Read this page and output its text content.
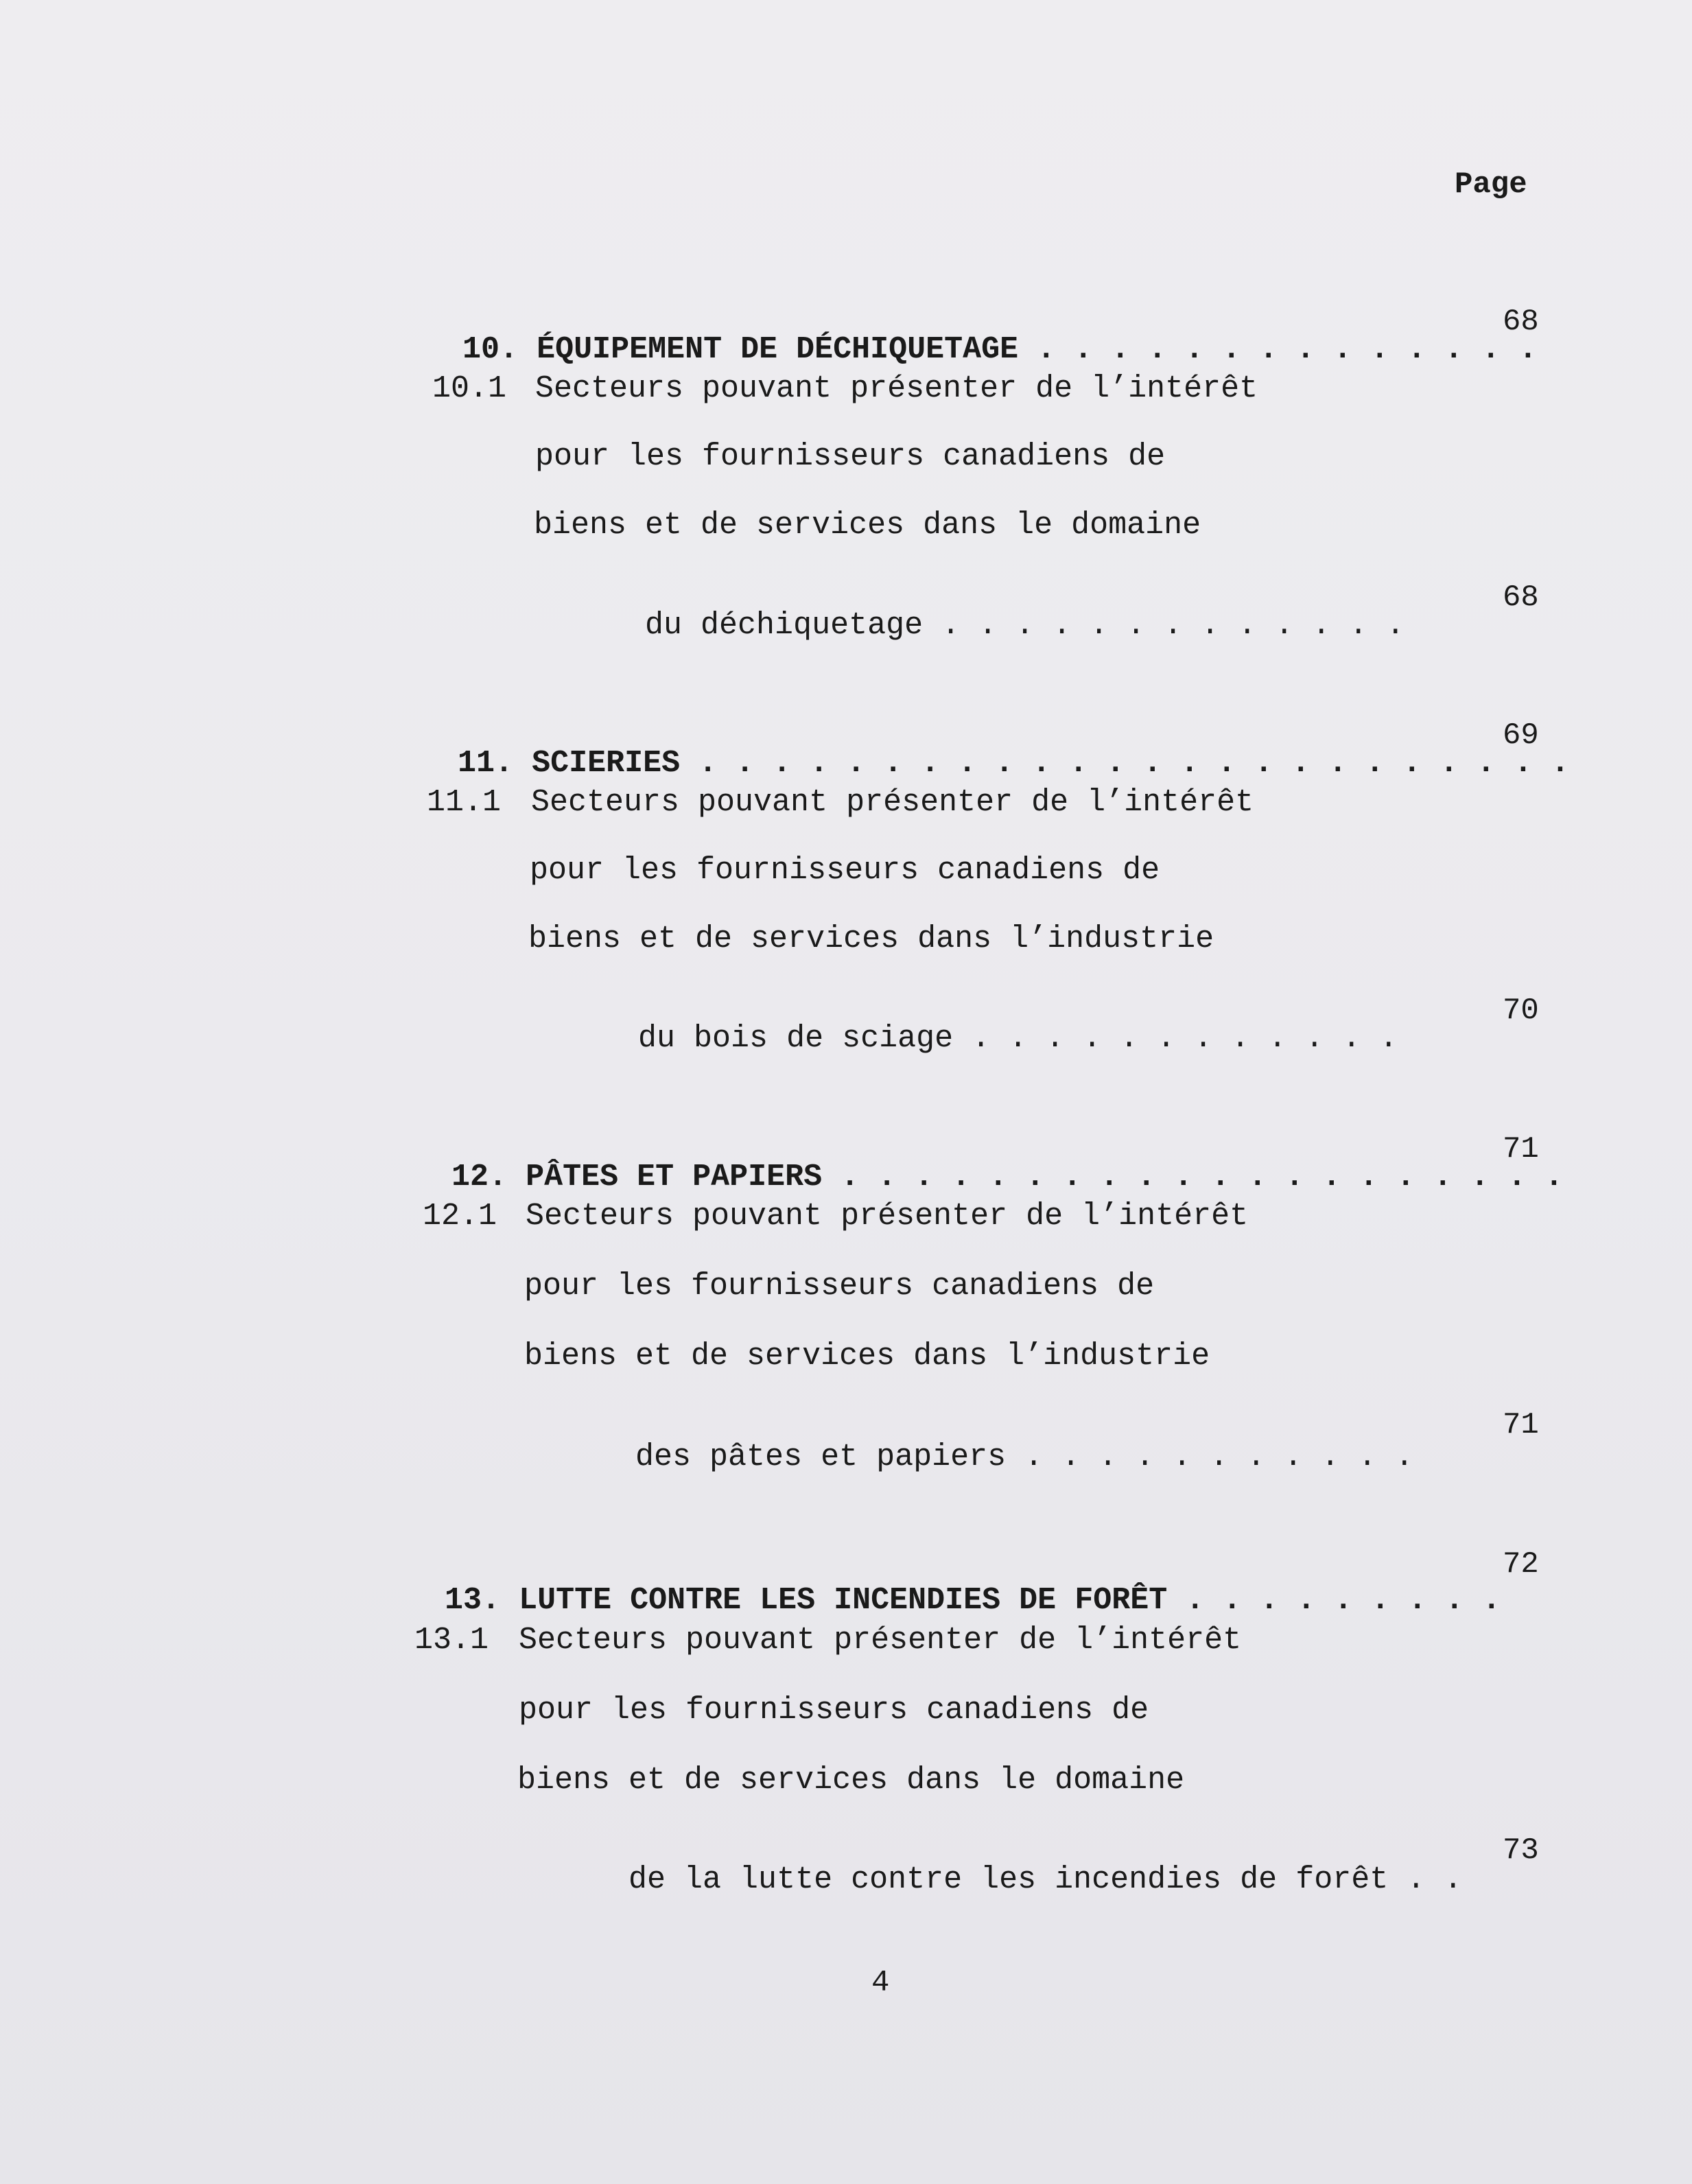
Page

10. ÉQUIPEMENT DE DÉCHIQUETAGE . . . . . . . . . . . . . .

68
10.1 Secteurs pouvant présenter de l’intérêt
pour les fournisseurs canadiens de
biens et de services dans le domaine

du déchiquetage . . . . . . . . . . . . .

68

11. SCIERIES . . . . . . . . . . . . . . . . . . . . . . . .

69
11.1 Secteurs pouvant présenter de l’intérêt
pour les fournisseurs canadiens de
biens et de services dans l’industrie

du bois de sciage . . . . . . . . . . . .

70

12. PÂTES ET PAPIERS . . . . . . . . . . . . . . . . . . . .

71
12.1 Secteurs pouvant présenter de l’intérêt
pour les fournisseurs canadiens de
biens et de services dans l’industrie

des pâtes et papiers . . . . . . . . . . .

71

13. LUTTE CONTRE LES INCENDIES DE FORÊT . . . . . . . . .

72
13.1 Secteurs pouvant présenter de l’intérêt
pour les fournisseurs canadiens de
biens et de services dans le domaine

de la lutte contre les incendies de forêt . .

73
4
